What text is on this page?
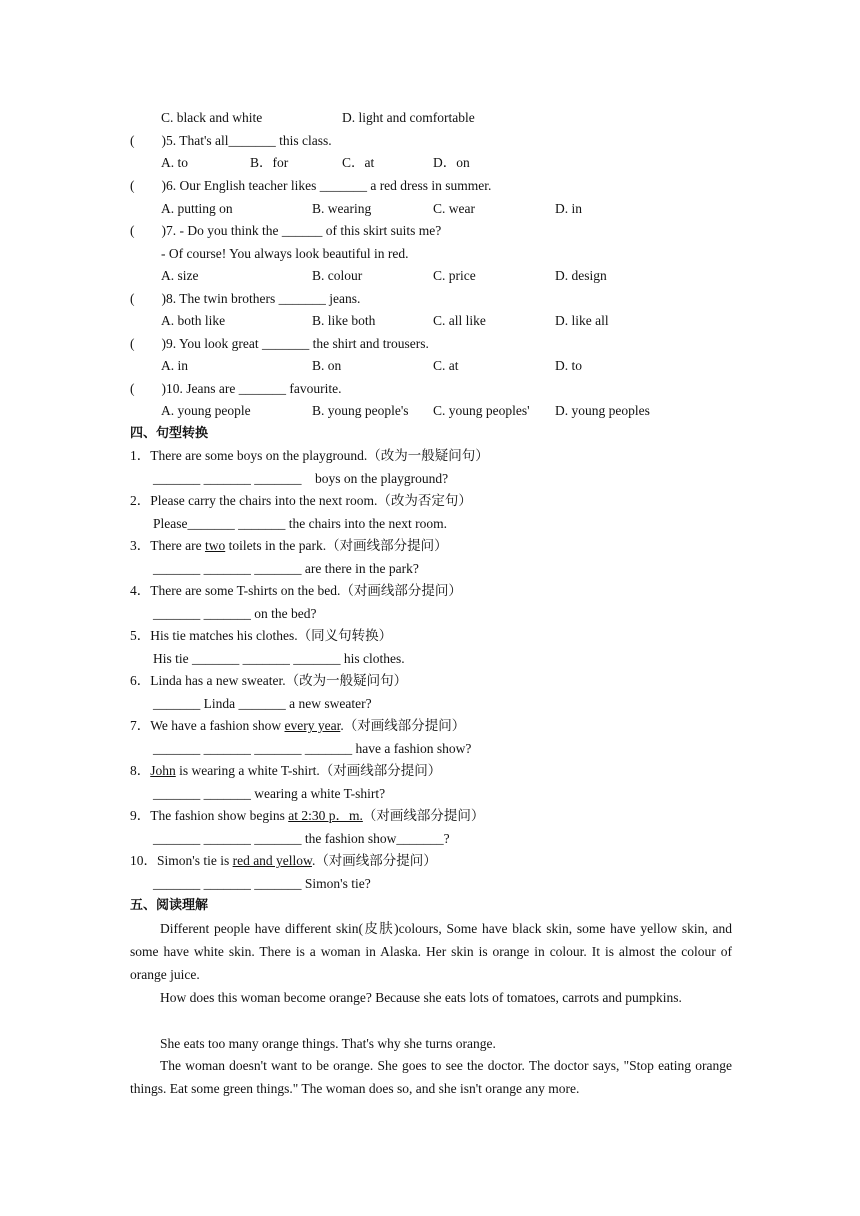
C. black and white	D. light and comfortable
(        )5. That's all_______ this class.
A. to	B．for	C．at	D．on
(        )6. Our English teacher likes _______ a red dress in summer.
A. putting on	B. wearing	C. wear	D. in
(        )7. - Do you think the ______ of this skirt suits me?
- Of course! You always look beautiful in red.
A. size	B. colour	C. price	D. design
(        )8. The twin brothers _______ jeans.
A. both like	B. like both	C. all like	D. like all
(        )9. You look great _______ the shirt and trousers.
A. in	B. on	C. at	D. to
(        )10. Jeans are _______ favourite.
A. young people	B. young people's C. young peoples' D. young peoples
四、句型转换
1．There are some boys on the playground.（改为一般疑问句）
_______ _______ _______    boys on the playground?
2．Please carry the chairs into the next room.（改为否定句）
Please_______ _______ the chairs into the next room.
3．There are two toilets in the park.（对画线部分提问）
_______ _______ _______ are there in the park?
4．There are some T-shirts on the bed.（对画线部分提问）
_______ _______ on the bed?
5．His tie matches his clothes.（同义句转换）
His tie _______ _______ _______ his clothes.
6．Linda has a new sweater.（改为一般疑问句）
_______ Linda _______ a new sweater?
7．We have a fashion show every year.（对画线部分提问）
_______ _______ _______ _______ have a fashion show?
8．John is wearing a white T-shirt.（对画线部分提问）
_______ _______ wearing a white T-shirt?
9．The fashion show begins at 2:30 p．m.（对画线部分提问）
_______ _______ _______ the fashion show_______?
10．Simon's tie is red and yellow.（对画线部分提问）
_______ _______ _______ Simon's tie?
五、阅读理解
Different people have different skin(皮肤)colours, Some have black skin, some have yellow skin, and some have white skin. There is a woman in Alaska. Her skin is orange in colour. It is almost the colour of orange juice.
How does this woman become orange? Because she eats lots of tomatoes, carrots and pumpkins.
She eats too many orange things. That's why she turns orange.
The woman doesn't want to be orange. She goes to see the doctor. The doctor says, "Stop eating orange things. Eat some green things." The woman does so, and she isn't orange any more.
